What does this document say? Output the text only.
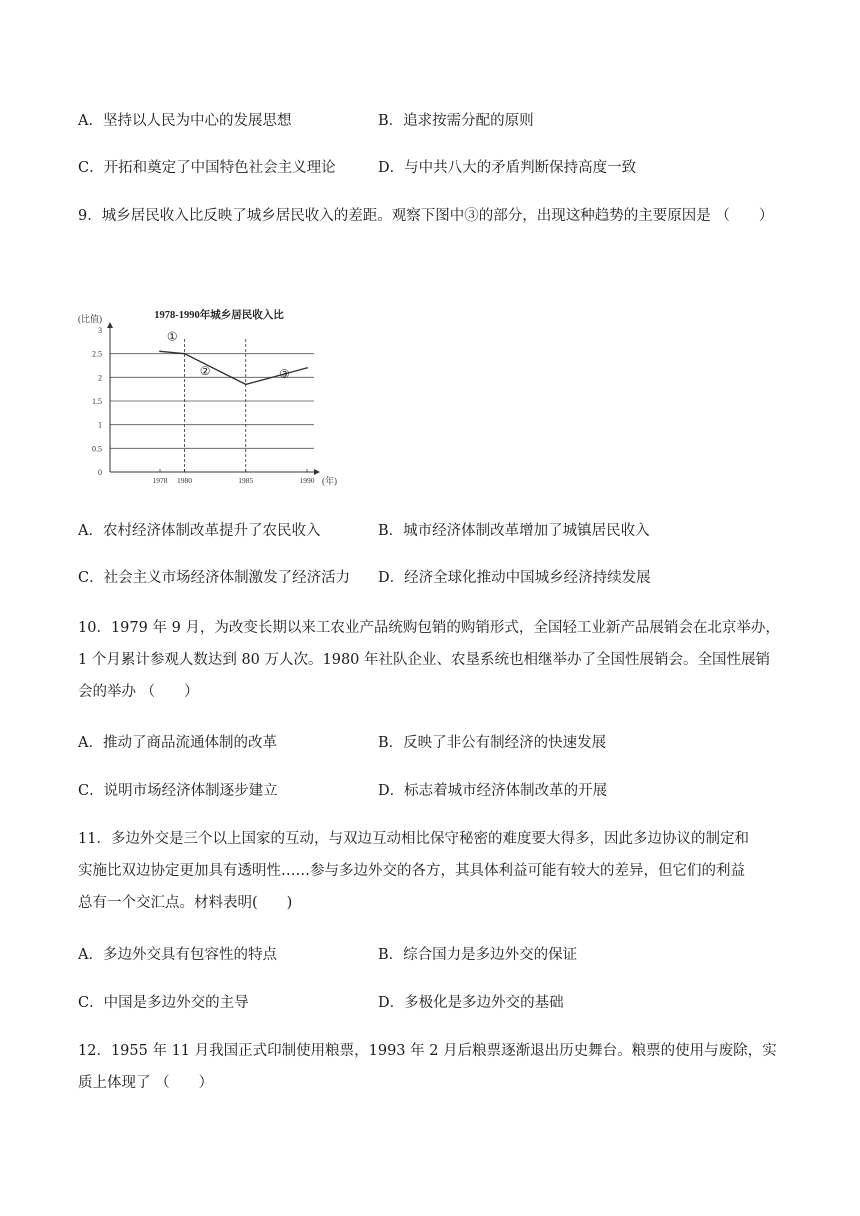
A．坚持以人民为中心的发展思想	B．追求按需分配的原则
C．开拓和奠定了中国特色社会主义理论	D．与中共八大的矛盾判断保持高度一致
9．城乡居民收入比反映了城乡居民收入的差距。观察下图中③的部分，出现这种趋势的主要原因是 （　　）
0
0.5
1
1.5
2
2.5
3
1978 1980	1985	1990
①
②	③
1978-1990年城乡居民收入比
(比值)
(年)
A．农村经济体制改革提升了农民收入	B．城市经济体制改革增加了城镇居民收入
C．社会主义市场经济体制激发了经济活力 D．经济全球化推动中国城乡经济持续发展
10．1979 年 9 月，为改变长期以来工农业产品统购包销的购销形式，全国轻工业新产品展销会在北京举办，
1 个月累计参观人数达到 80 万人次。1980 年社队企业、农垦系统也相继举办了全国性展销会。全国性展销
会的举办 （　　）
A．推动了商品流通体制的改革	B．反映了非公有制经济的快速发展
C．说明市场经济体制逐步建立	D．标志着城市经济体制改革的开展
11．多边外交是三个以上国家的互动，与双边互动相比保守秘密的难度要大得多，因此多边协议的制定和
实施比双边协定更加具有透明性……参与多边外交的各方，其具体利益可能有较大的差异，但它们的利益
总有一个交汇点。材料表明(　　)
A．多边外交具有包容性的特点	B．综合国力是多边外交的保证
C．中国是多边外交的主导	D．多极化是多边外交的基础
12．1955 年 11 月我国正式印制使用粮票，1993 年 2 月后粮票逐渐退出历史舞台。粮票的使用与废除，实
质上体现了 （　　）
